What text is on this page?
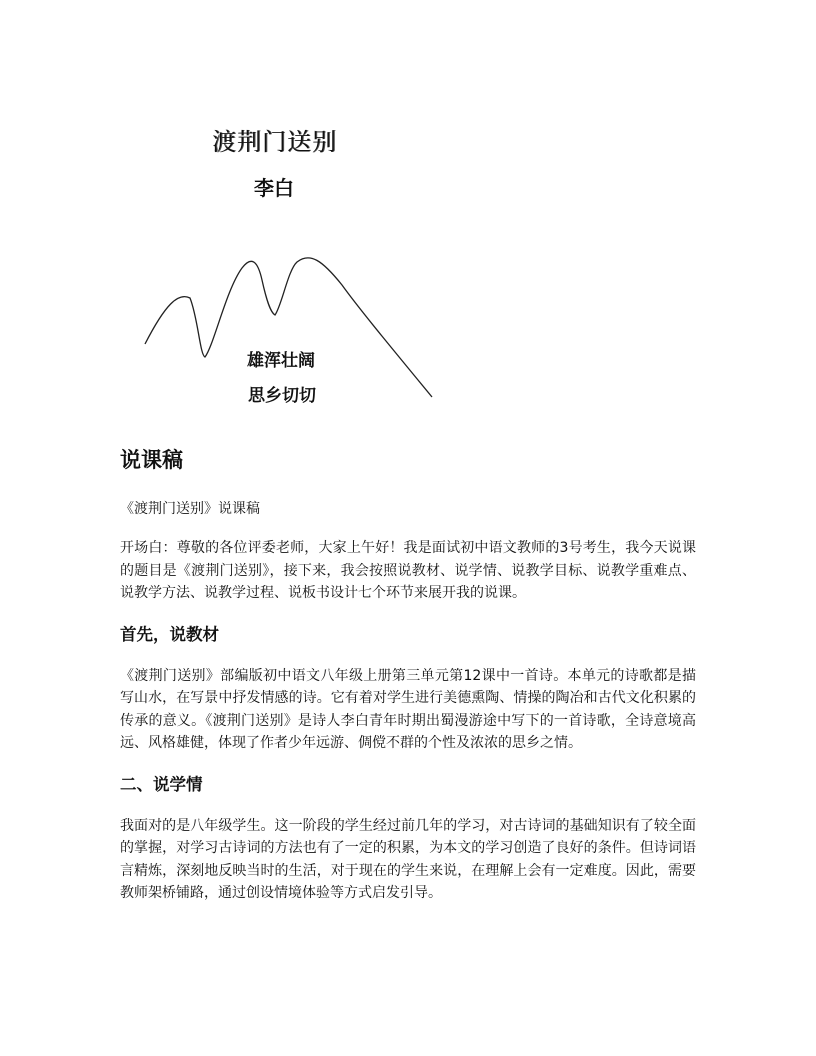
渡荆门送别
李白
雄浑壮阔
思乡切切
说课稿
《渡荆门送别》说课稿

开场白：尊敬的各位评委老师，大家上午好！我是面试初中语文教师的3号考生，我今天说课的题目是《渡荆门送别》，接下来，我会按照说教材、说学情、说教学目标、说教学重难点、说教学方法、说教学过程、说板书设计七个环节来展开我的说课。

首先，说教材

《渡荆门送别》部编版初中语文八年级上册第三单元第12课中一首诗。本单元的诗歌都是描写山水，在写景中抒发情感的诗。它有着对学生进行美德熏陶、情操的陶冶和古代文化积累的传承的意义。《渡荆门送别》是诗人李白青年时期出蜀漫游途中写下的一首诗歌，全诗意境高远、风格雄健，体现了作者少年远游、倜傥不群的个性及浓浓的思乡之情。

二、说学情

我面对的是八年级学生。这一阶段的学生经过前几年的学习，对古诗词的基础知识有了较全面的掌握，对学习古诗词的方法也有了一定的积累，为本文的学习创造了良好的条件。但诗词语言精炼，深刻地反映当时的生活，对于现在的学生来说，在理解上会有一定难度。因此，需要教师架桥铺路，通过创设情境体验等方式启发引导。
